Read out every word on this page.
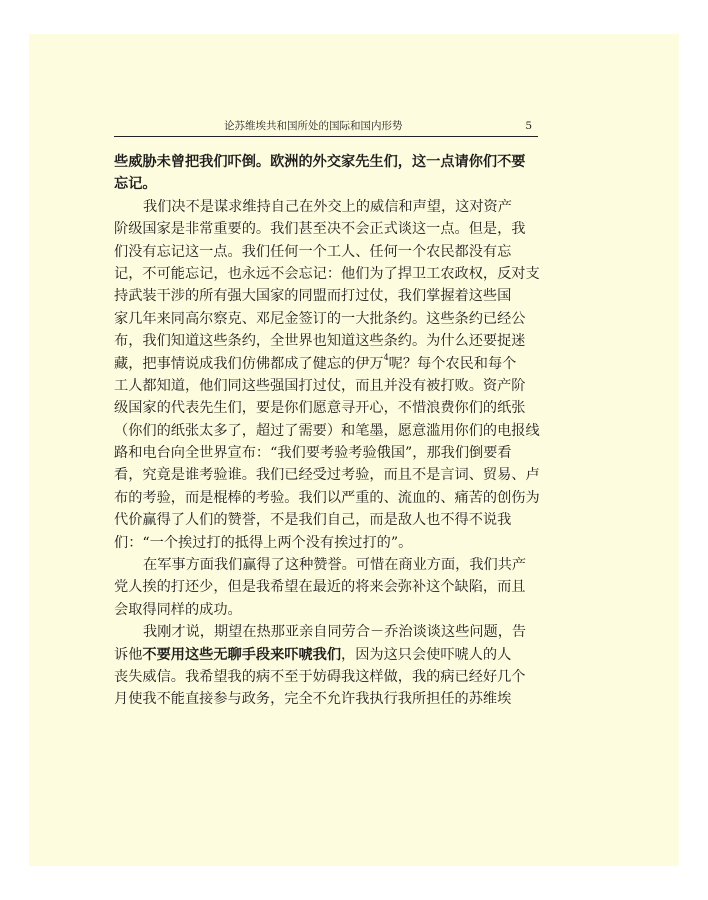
论苏维埃共和国所处的国际和国内形势	5
些威胁未曾把我们吓倒。欧洲的外交家先生们，这一点请你们不要
忘记。
我们决不是谋求维持自己在外交上的威信和声望，这对资产
阶级国家是非常重要的。我们甚至决不会正式谈这一点。但是，我
们没有忘记这一点。我们任何一个工人、任何一个农民都没有忘
记，不可能忘记，也永远不会忘记：他们为了捍卫工农政权，反对支
持武装干涉的所有强大国家的同盟而打过仗，我们掌握着这些国
家几年来同高尔察克、邓尼金签订的一大批条约。这些条约已经公
布，我们知道这些条约，全世界也知道这些条约。为什么还要捉迷
藏，把事情说成我们仿佛都成了健忘的伊万$^4$呢？每个农民和每个
工人都知道，他们同这些强国打过仗，而且并没有被打败。资产阶
级国家的代表先生们，要是你们愿意寻开心，不惜浪费你们的纸张
（你们的纸张太多了，超过了需要）和笔墨，愿意滥用你们的电报线
路和电台向全世界宣布：“我们要考验考验俄国”，那我们倒要看
看，究竟是谁考验谁。我们已经受过考验，而且不是言词、贸易、卢
布的考验，而是棍棒的考验。我们以严重的、流血的、痛苦的创伤为
代价赢得了人们的赞誉，不是我们自己，而是敌人也不得不说我
们：“一个挨过打的抵得上两个没有挨过打的”。
在军事方面我们赢得了这种赞誉。可惜在商业方面，我们共产
党人挨的打还少，但是我希望在最近的将来会弥补这个缺陷，而且
会取得同样的成功。
我刚才说，期望在热那亚亲自同劳合－乔治谈谈这些问题，告
诉他不要用这些无聊手段来吓唬我们，因为这只会使吓唬人的人
丧失威信。我希望我的病不至于妨碍我这样做，我的病已经好几个
月使我不能直接参与政务，完全不允许我执行我所担任的苏维埃
